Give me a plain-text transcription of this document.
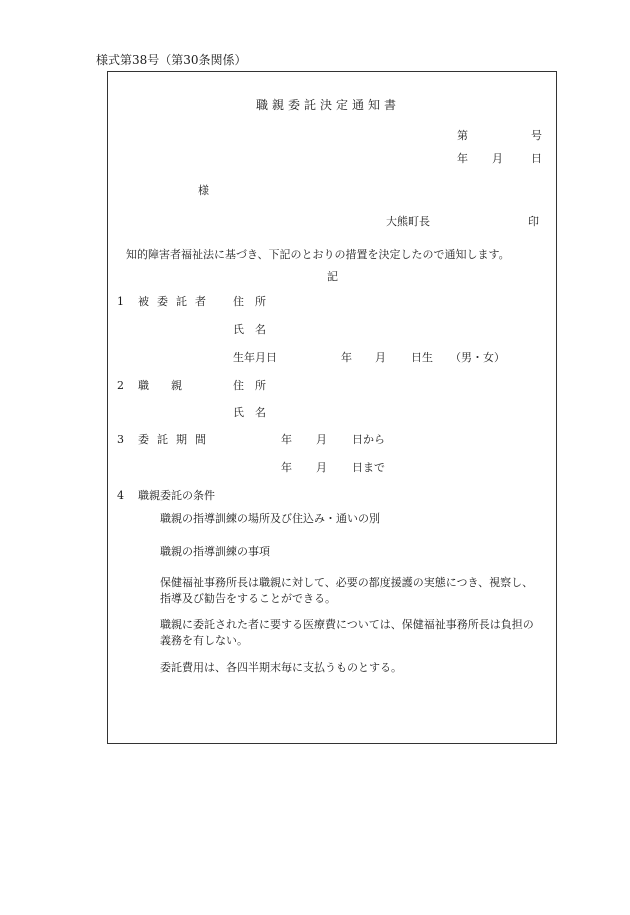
様式第38号（第30条関係）
職親委託決定通知書
第	号
年 月	日
様
大熊町長	印
知的障害者福祉法に基づき、下記のとおりの措置を決定したので通知します。
記
1 被委託者 住　所
氏　名
生年月日	年 月 日生 （男・女）
2 職　　親	住　所
氏　名
3 委託期間	年 月 日から
年 月 日まで
4 職親委託の条件
職親の指導訓練の場所及び住込み・通いの別
職親の指導訓練の事項
保健福祉事務所長は職親に対して、必要の都度援護の実態につき、視察し、指導及び勧告をすることができる。
職親に委託された者に要する医療費については、保健福祉事務所長は負担の義務を有しない。
委託費用は、各四半期末毎に支払うものとする。
